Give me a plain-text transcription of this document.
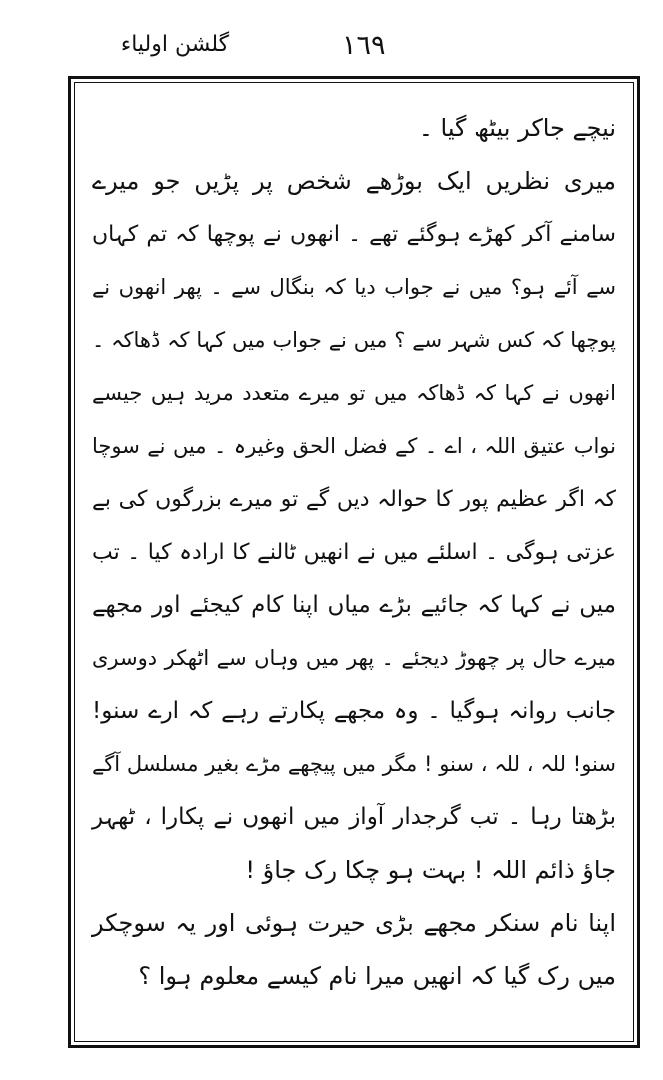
گلشن اولیاء	١٦٩
نیچے جاکر بیٹھ گیا ۔
میری نظریں ایک بوڑھے شخص پر پڑیں جو میرے
سامنے آکر کھڑے ہوگئے تھے ۔ انھوں نے پوچھا کہ تم کہاں
سے آئے ہو؟ میں نے جواب دیا کہ بنگال سے ۔ پھر انھوں نے
پوچھا کہ کس شہر سے ؟ میں نے جواب میں کہا کہ ڈھاکہ ۔
انھوں نے کہا کہ ڈھاکہ میں تو میرے متعدد مرید ہیں جیسے
نواب عتیق اللہ ، اے ۔ کے فضل الحق وغیرہ ۔ میں نے سوچا
کہ اگر عظیم پور کا حوالہ دیں گے تو میرے بزرگوں کی بے
عزتی ہوگی ۔ اسلئے میں نے انھیں ٹالنے کا ارادہ کیا ۔ تب
میں نے کہا کہ جائیے بڑے میاں اپنا کام کیجئے اور مجھے
میرے حال پر چھوڑ دیجئے ۔ پھر میں وہاں سے اٹھکر دوسری
جانب روانہ ہوگیا ۔ وہ مجھے پکارتے رہے کہ ارے سنو!
سنو! للہ ، للہ ، سنو ! مگر میں پیچھے مڑے بغیر مسلسل آگے
بڑھتا رہا ۔ تب گرجدار آواز میں انھوں نے پکارا ، ٹھہر
جاؤ ذائم اللہ ! بہت ہو چکا رک جاؤ !
اپنا نام سنکر مجھے بڑی حیرت ہوئی اور یہ سوچکر
میں رک گیا کہ انھیں میرا نام کیسے معلوم ہوا ؟
